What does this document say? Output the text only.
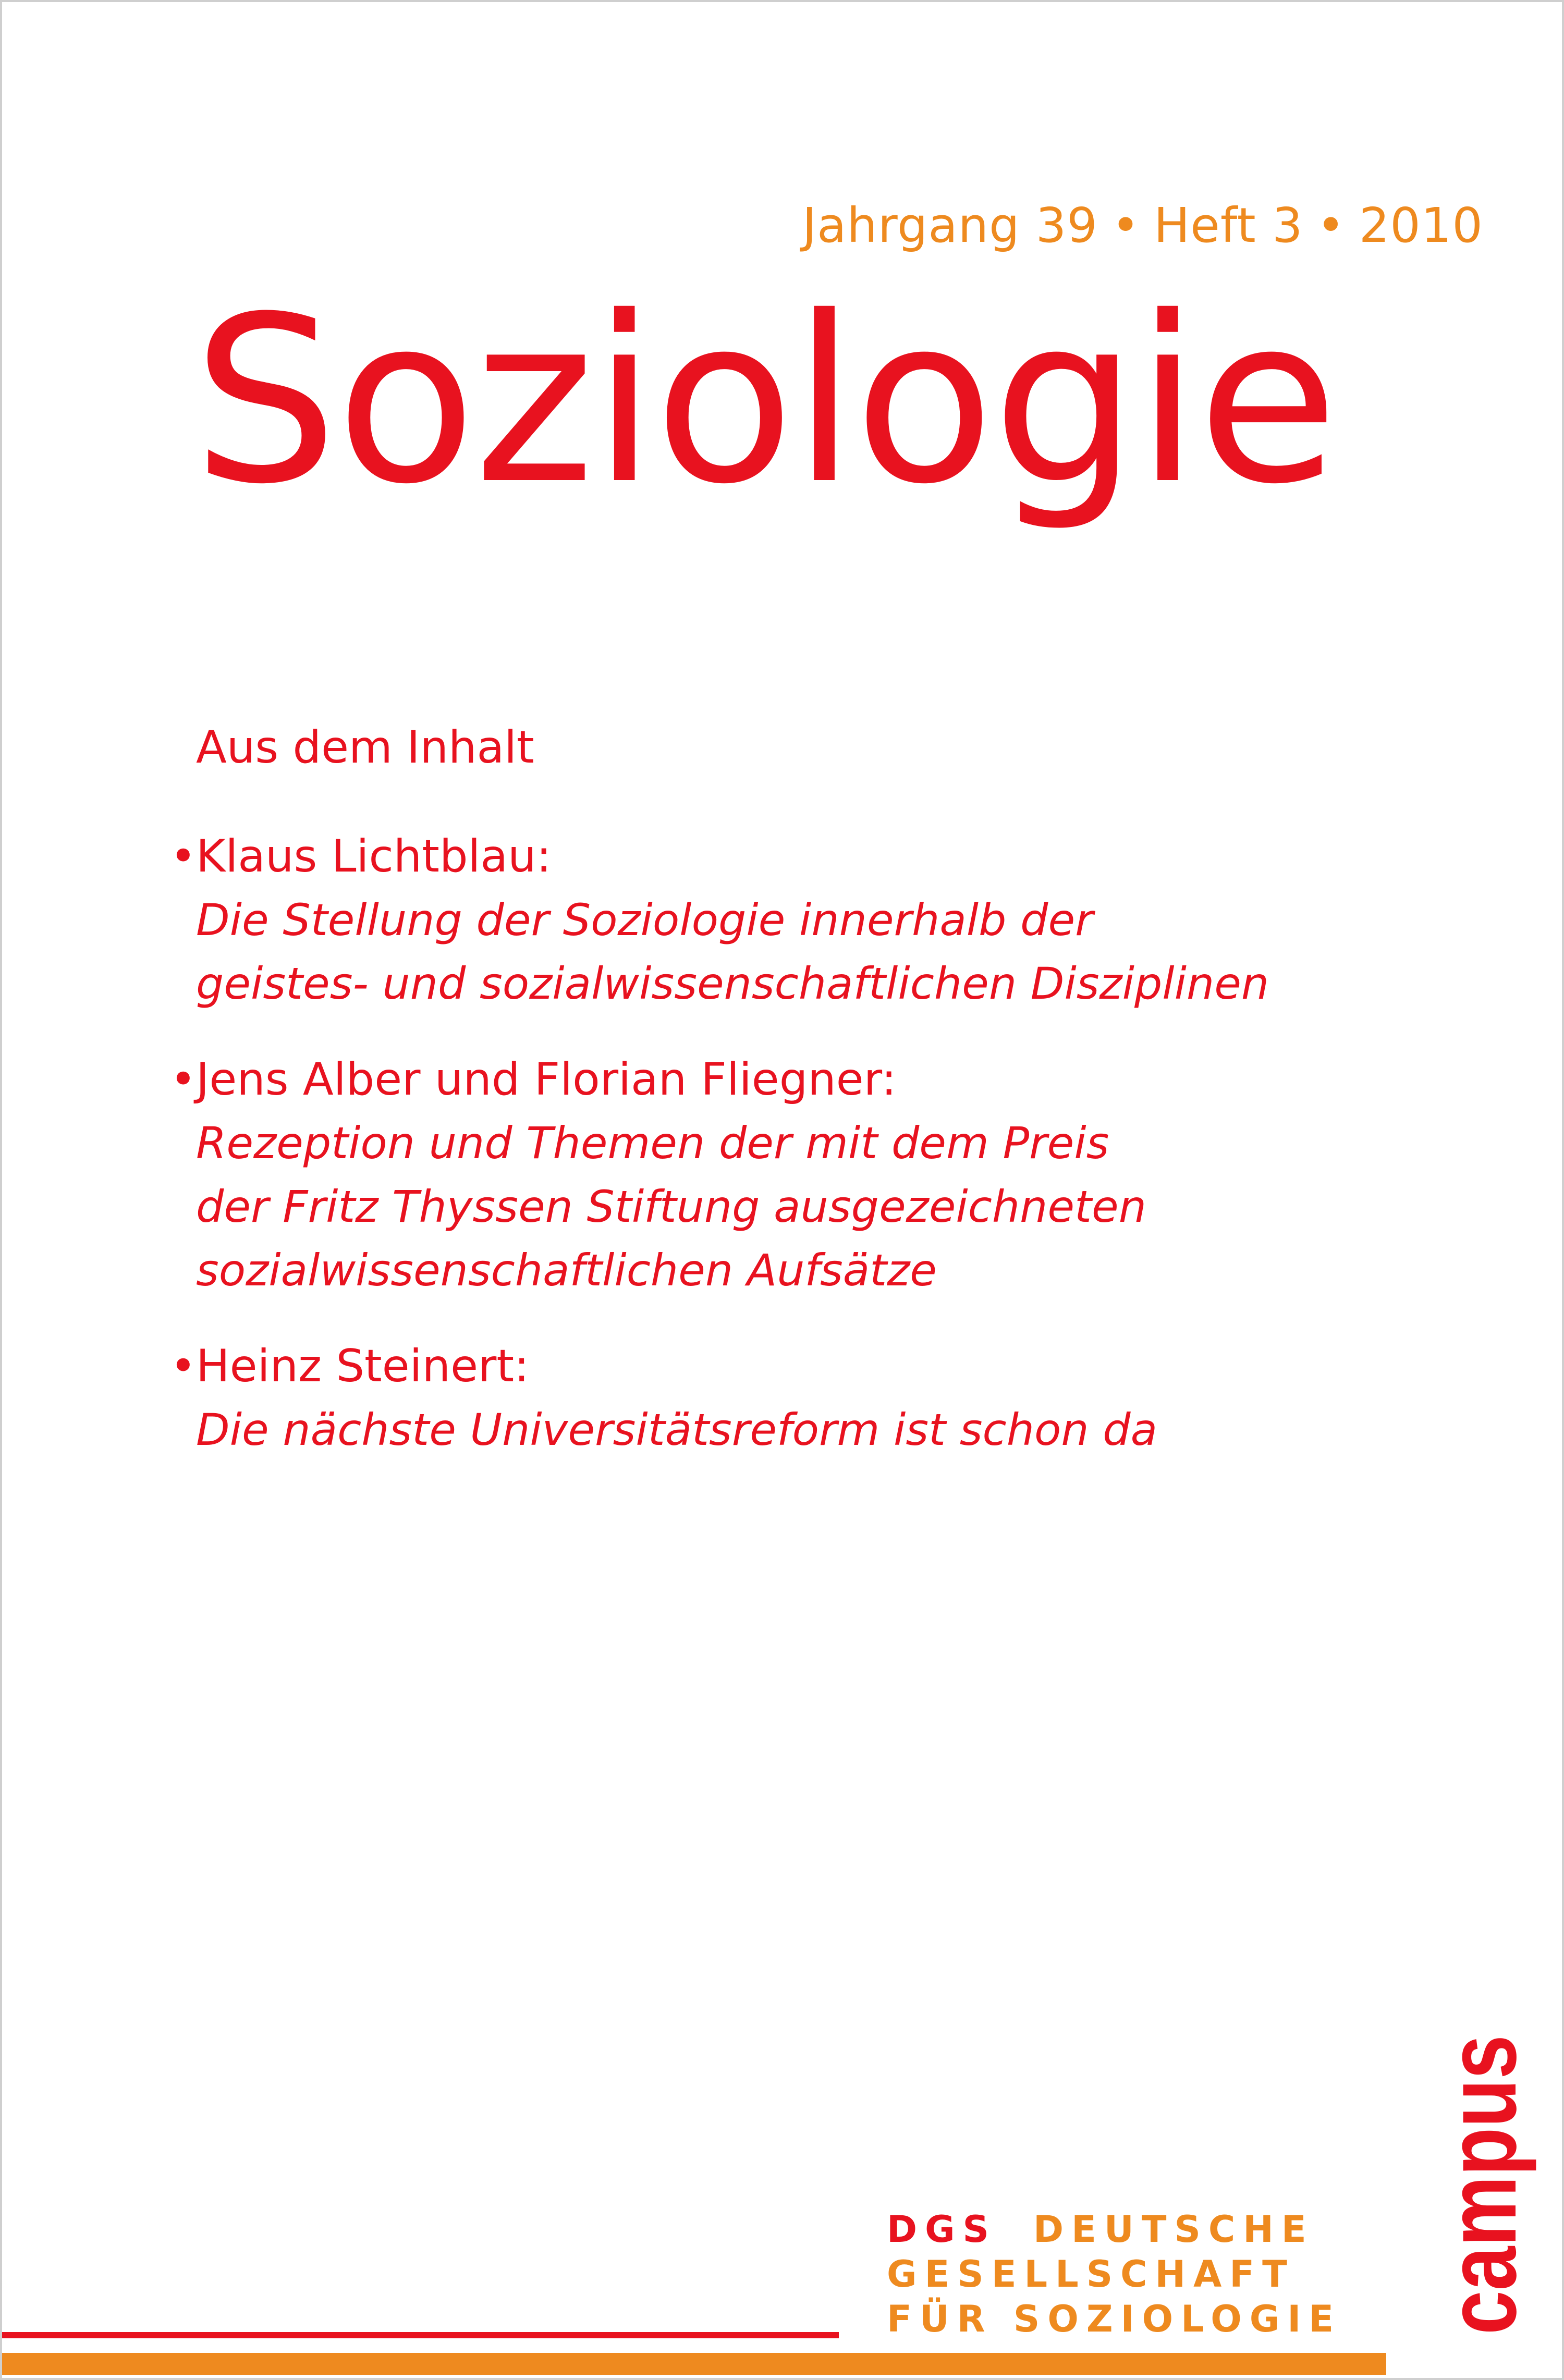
Jahrgang 39 • Heft 3 • 2010
Soziologie
Aus dem Inhalt
• Klaus Lichtblau:
Die Stellung der Soziologie innerhalb der
geistes- und sozialwissenschaftlichen Disziplinen
• Jens Alber und Florian Fliegner:
Rezeption und Themen der mit dem Preis
der Fritz Thyssen Stiftung ausgezeichneten
sozialwissenschaftlichen Aufsätze
• Heinz Steinert:
Die nächste Universitätsreform ist schon da
campus
DGS DEUTSCHE
GESELLSCHAFT
FÜR SOZIOLOGIE
